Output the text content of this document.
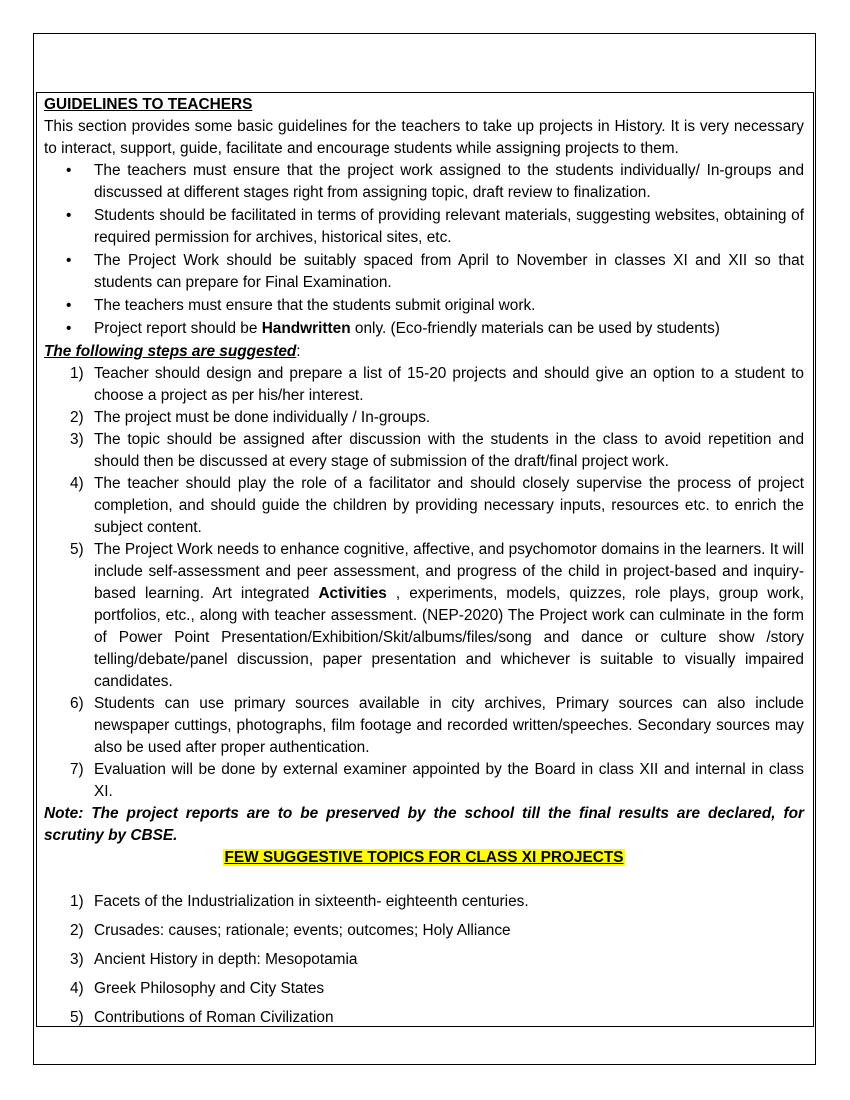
GUIDELINES TO TEACHERS

This section provides some basic guidelines for the teachers to take up projects in History. It is very necessary to interact, support, guide, facilitate and encourage students while assigning projects to them.

• The teachers must ensure that the project work assigned to the students individually/ In-groups and discussed at different stages right from assigning topic, draft review to finalization.
• Students should be facilitated in terms of providing relevant materials, suggesting websites, obtaining of required permission for archives, historical sites, etc.
• The Project Work should be suitably spaced from April to November in classes XI and XII so that students can prepare for Final Examination.
• The teachers must ensure that the students submit original work.
• Project report should be Handwritten only. (Eco-friendly materials can be used by students)

The following steps are suggested:

1) Teacher should design and prepare a list of 15-20 projects and should give an option to a student to choose a project as per his/her interest.
2) The project must be done individually / In-groups.
3) The topic should be assigned after discussion with the students in the class to avoid repetition and should then be discussed at every stage of submission of the draft/final project work.
4) The teacher should play the role of a facilitator and should closely supervise the process of project completion, and should guide the children by providing necessary inputs, resources etc. to enrich the subject content.
5) The Project Work needs to enhance cognitive, affective, and psychomotor domains in the learners. It will include self-assessment and peer assessment, and progress of the child in project-based and inquiry-based learning. Art integrated Activities , experiments, models, quizzes, role plays, group work, portfolios, etc., along with teacher assessment. (NEP-2020) The Project work can culminate in the form of Power Point Presentation/Exhibition/Skit/albums/files/song and dance or culture show /story telling/debate/panel discussion, paper presentation and whichever is suitable to visually impaired candidates.
6) Students can use primary sources available in city archives, Primary sources can also include newspaper cuttings, photographs, film footage and recorded written/speeches. Secondary sources may also be used after proper authentication.
7) Evaluation will be done by external examiner appointed by the Board in class XII and internal in class XI.

Note: The project reports are to be preserved by the school till the final results are declared, for scrutiny by CBSE.

FEW SUGGESTIVE TOPICS FOR CLASS XI PROJECTS

1) Facets of the Industrialization in sixteenth- eighteenth centuries.
2) Crusades: causes; rationale; events; outcomes; Holy Alliance
3) Ancient History in depth: Mesopotamia
4) Greek Philosophy and City States
5) Contributions of Roman Civilization
